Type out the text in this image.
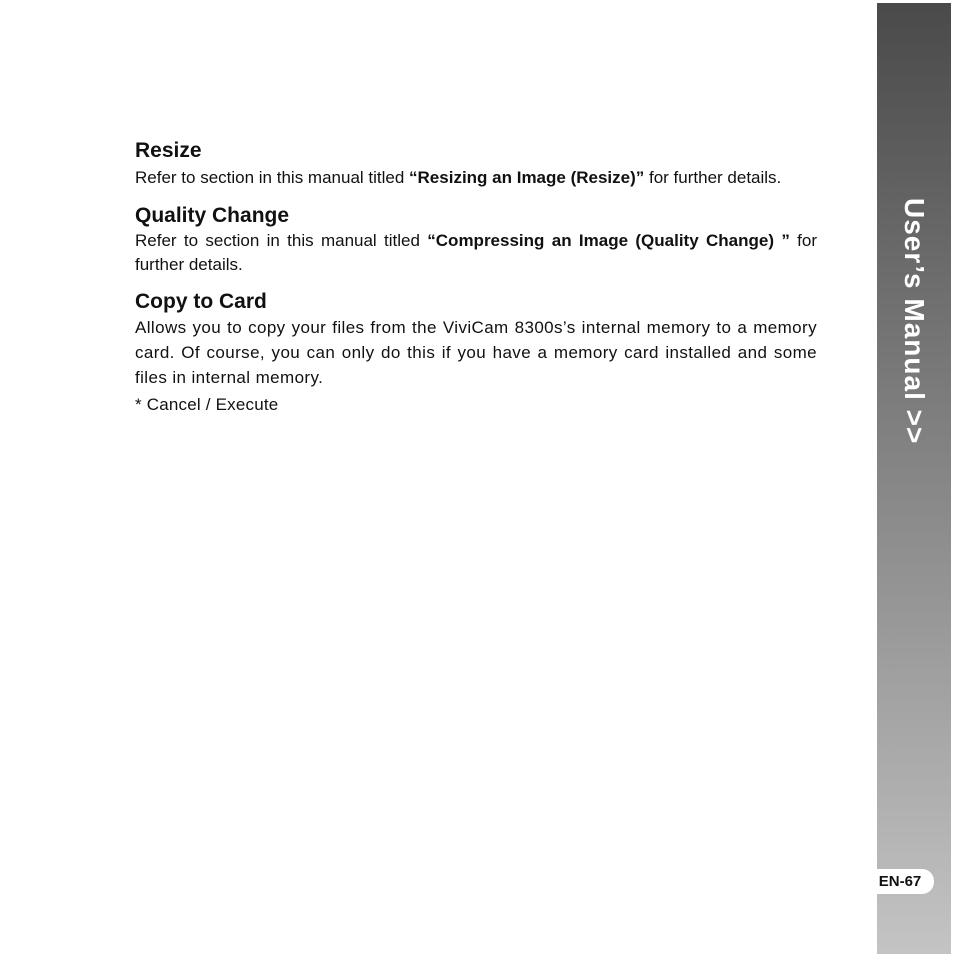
Resize

Refer to section in this manual titled “Resizing an Image (Resize)” for further details.

Quality Change

Refer to section in this manual titled “Compressing an Image (Quality Change) ” for further details.

Copy to Card

Allows you to copy your files from the ViviCam 8300s’s internal memory to a memory card. Of course, you can only do this if you have a memory card installed and some files in internal memory.

* Cancel / Execute	User’s Manual >>
EN-67
